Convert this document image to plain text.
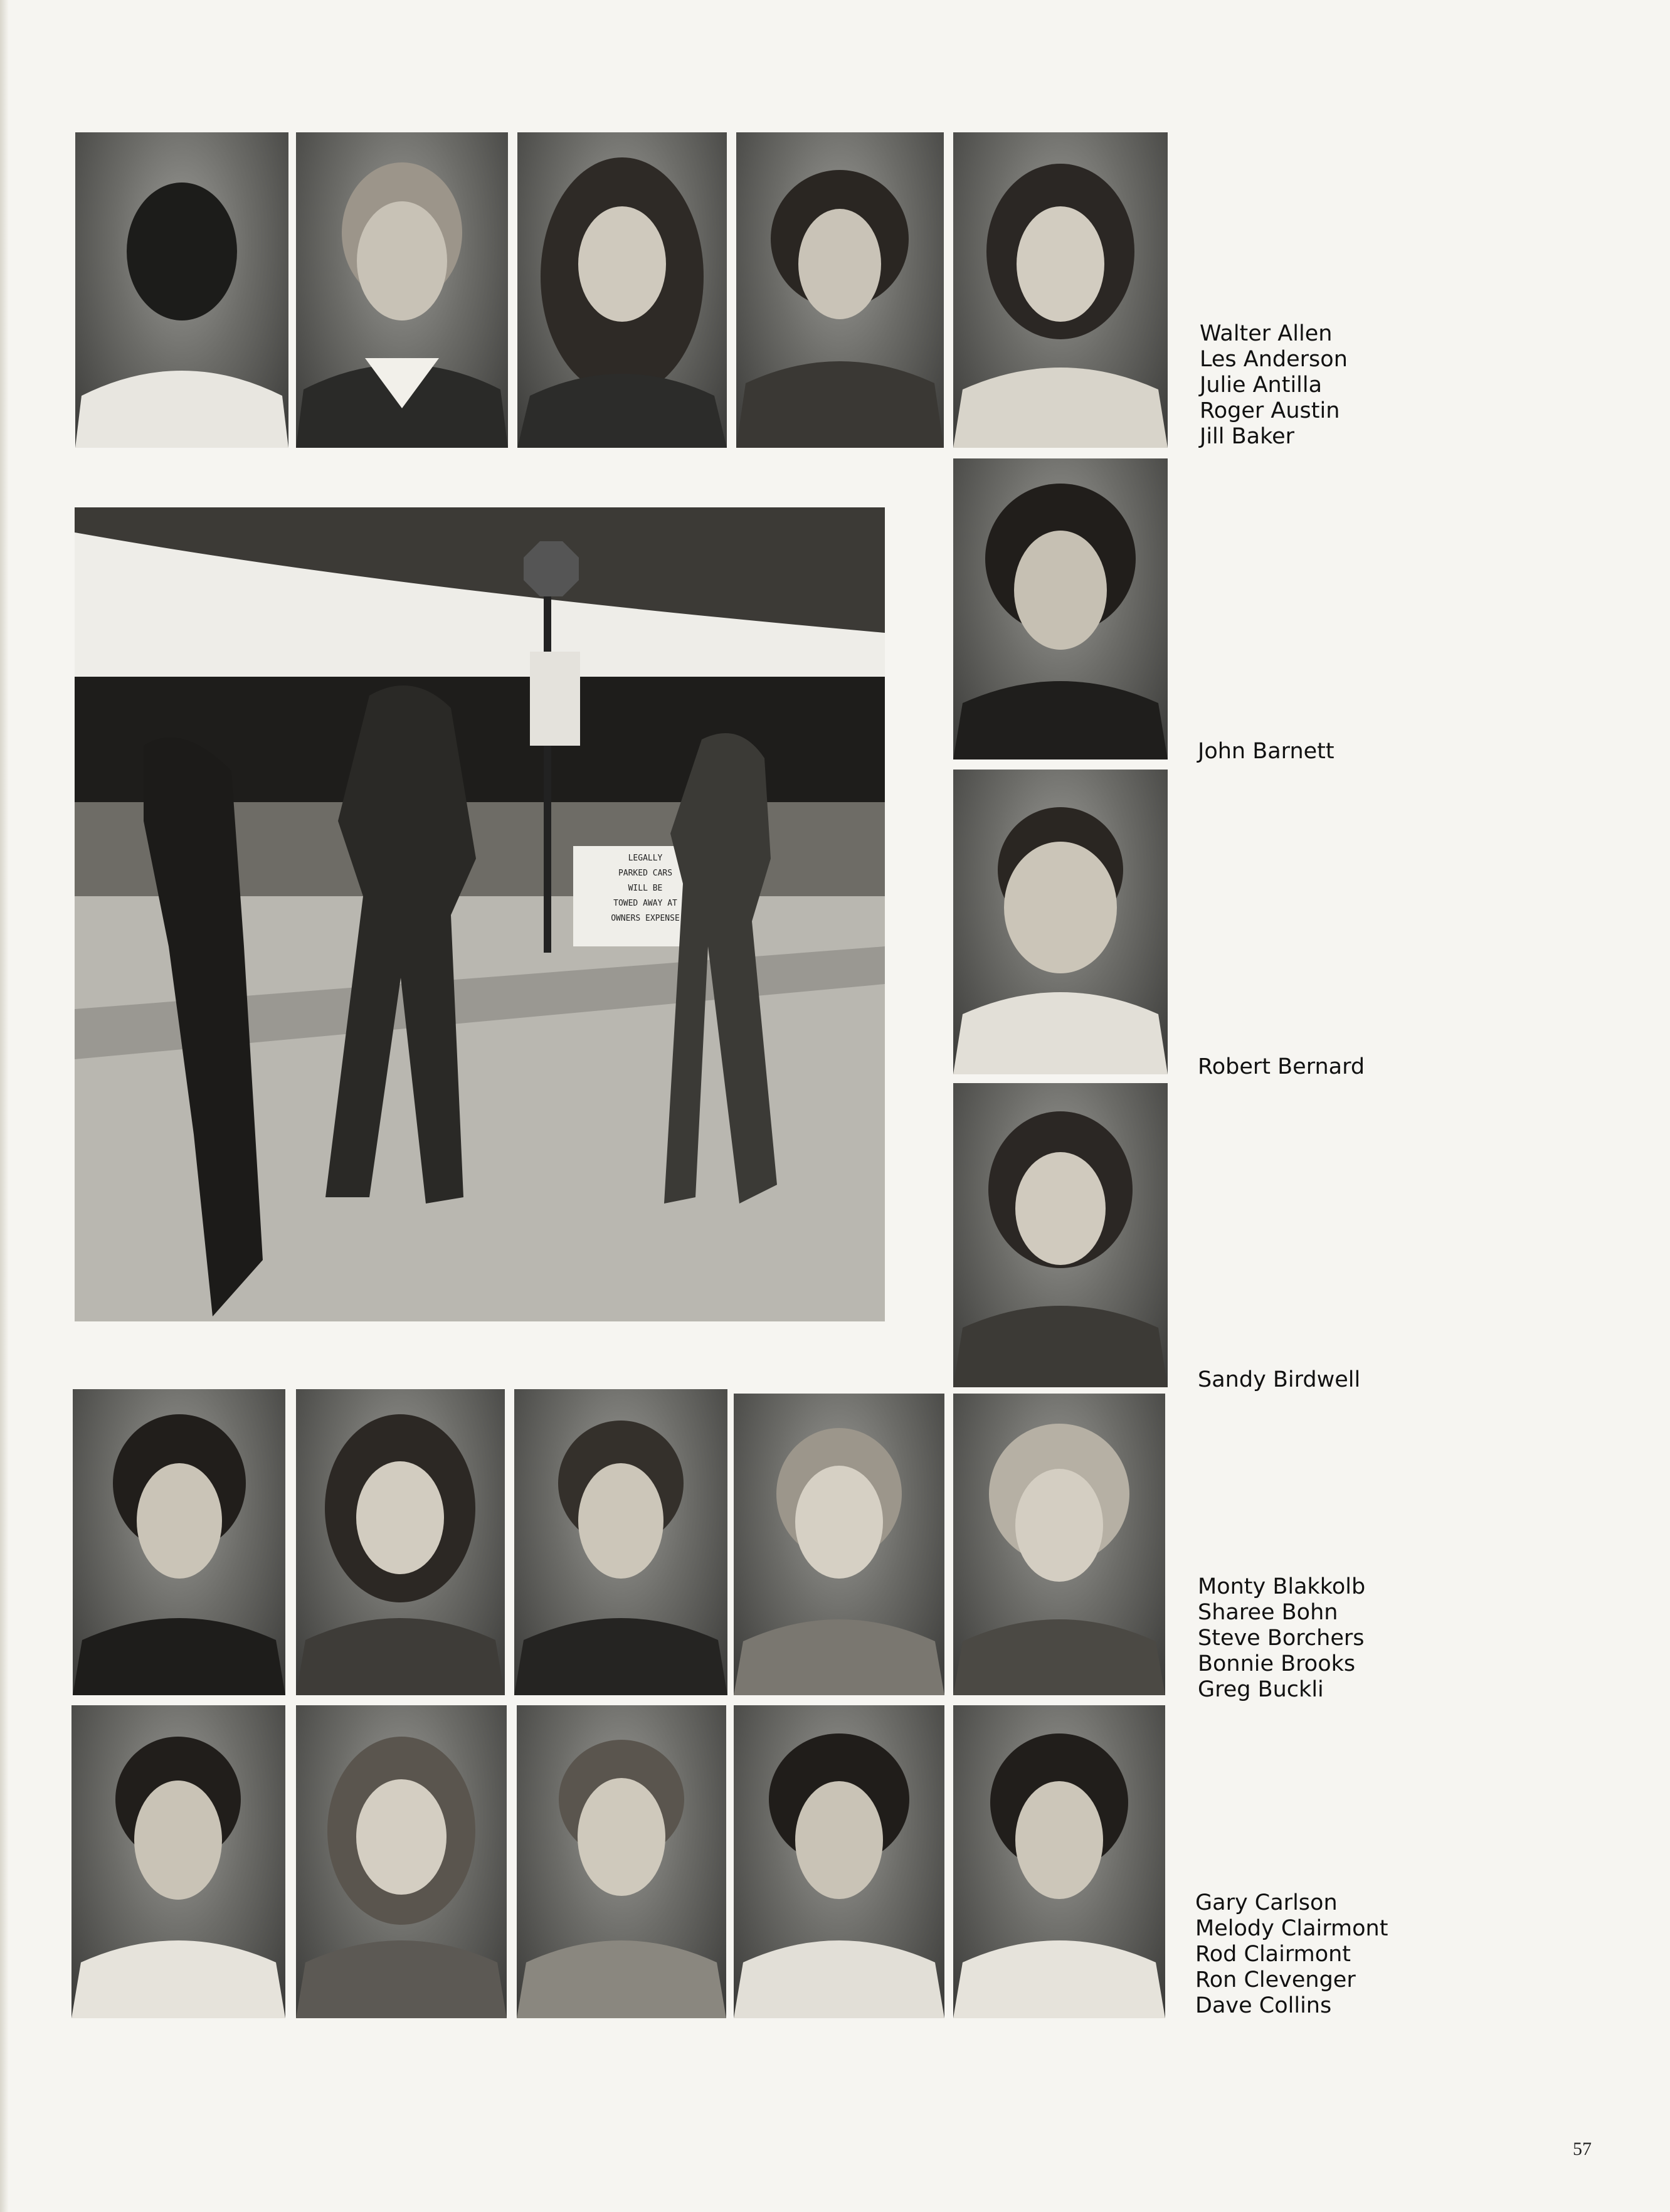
Walter Allen
Les Anderson
Julie Antilla
Roger Austin
Jill Baker
LEGALLY
PARKED CARS
WILL BE
TOWED AWAY AT
OWNERS EXPENSE
John Barnett
Robert Bernard
Sandy Birdwell
Monty Blakkolb
Sharee Bohn
Steve Borchers
Bonnie Brooks
Greg Buckli
Gary Carlson
Melody Clairmont
Rod Clairmont
Ron Clevenger
Dave Collins
57
